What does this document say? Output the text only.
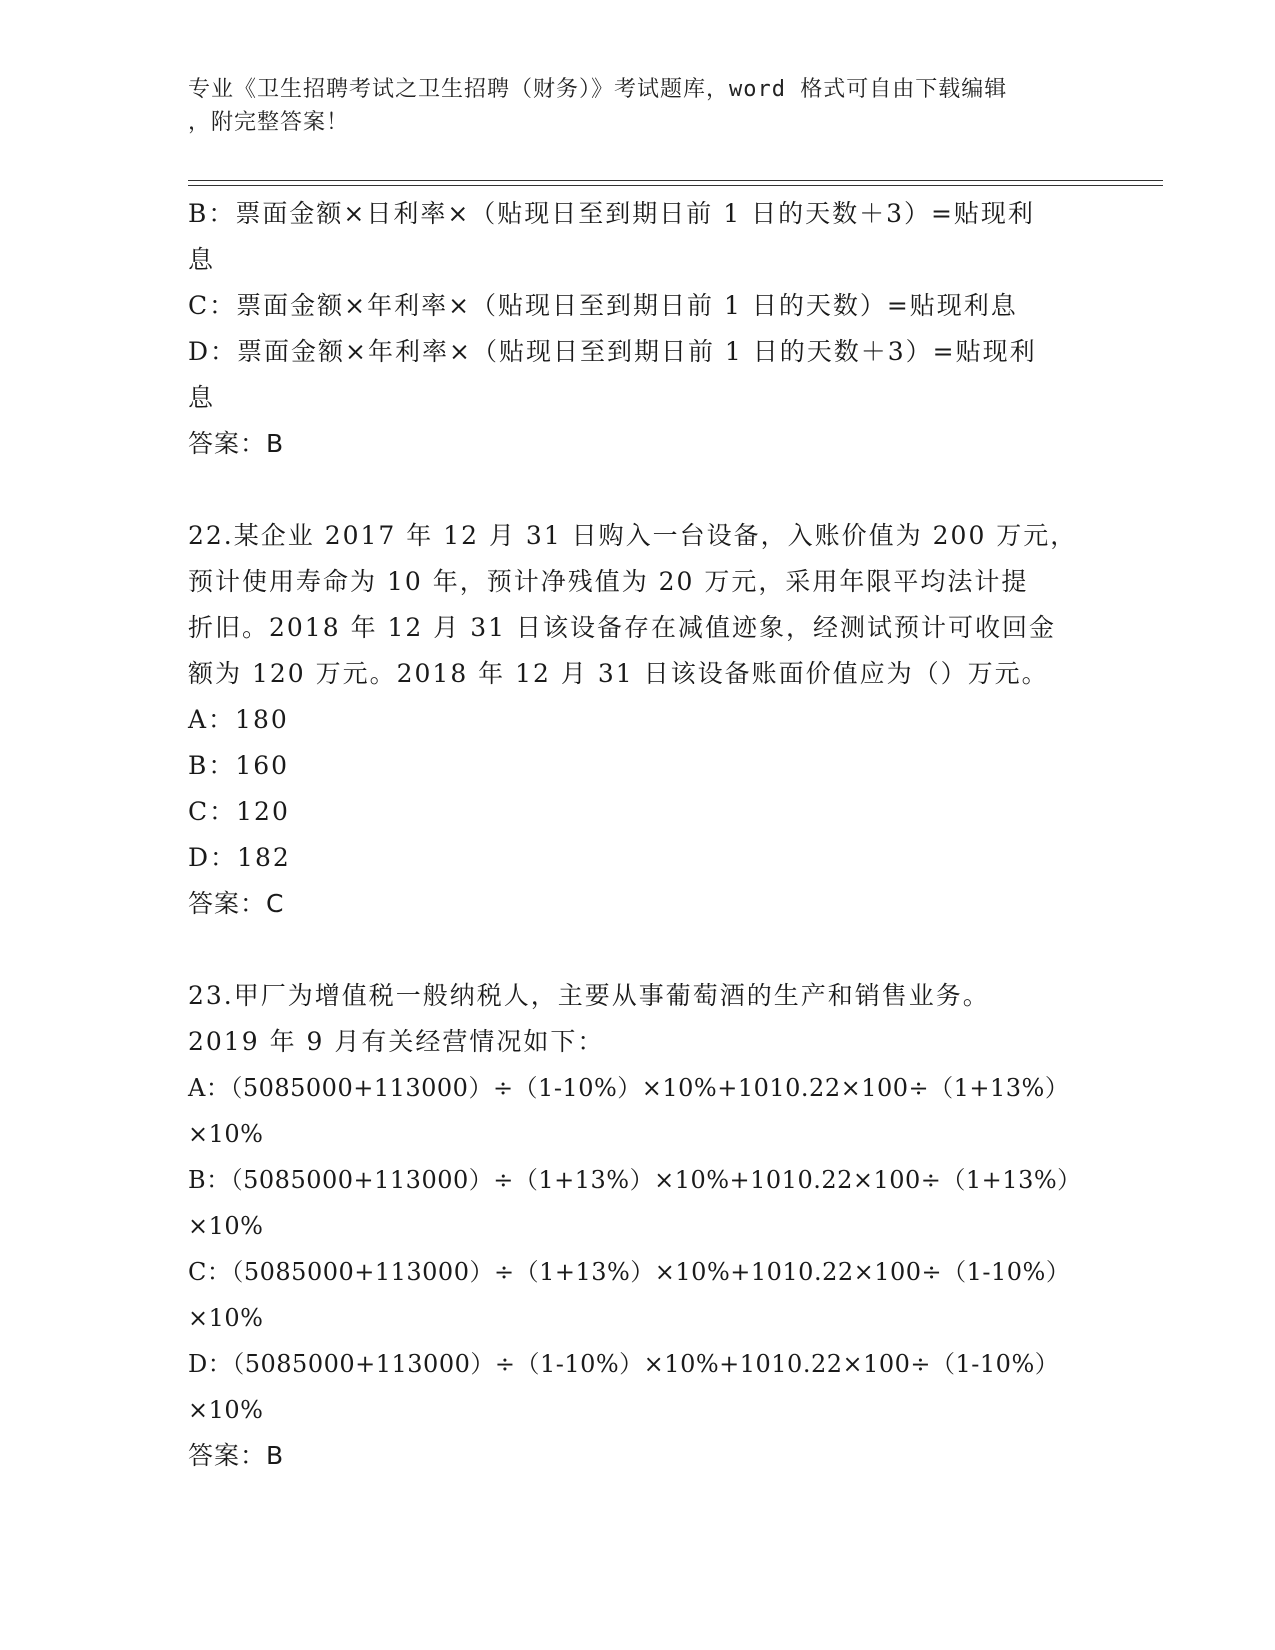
专业《卫生招聘考试之卫生招聘（财务）》考试题库，word 格式可自由下载编辑
，附完整答案！
B：票面金额×日利率×（贴现日至到期日前 1 日的天数＋3）=贴现利
息
C：票面金额×年利率×（贴现日至到期日前 1 日的天数）=贴现利息
D：票面金额×年利率×（贴现日至到期日前 1 日的天数＋3）=贴现利
息
答案：B
22.某企业 2017 年 12 月 31 日购入一台设备，入账价值为 200 万元，
预计使用寿命为 10 年，预计净残值为 20 万元，采用年限平均法计提
折旧。2018 年 12 月 31 日该设备存在减值迹象，经测试预计可收回金
额为 120 万元。2018 年 12 月 31 日该设备账面价值应为（）万元。
A：180
B：160
C：120
D：182
答案：C
23.甲厂为增值税一般纳税人，主要从事葡萄酒的生产和销售业务。
2019 年 9 月有关经营情况如下：
A：（5085000+113000）÷（1-10%）×10%+1010.22×100÷（1+13%）
×10%
B：（5085000+113000）÷（1+13%）×10%+1010.22×100÷（1+13%）
×10%
C：（5085000+113000）÷（1+13%）×10%+1010.22×100÷（1-10%）
×10%
D：（5085000+113000）÷（1-10%）×10%+1010.22×100÷（1-10%）
×10%
答案：B
